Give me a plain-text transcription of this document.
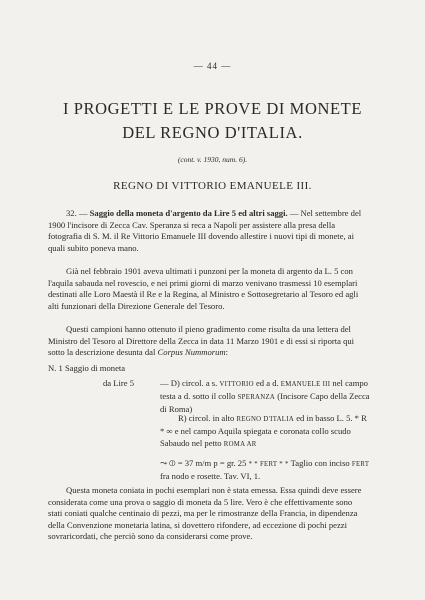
— 44 —
I PROGETTI E LE PROVE DI MONETE
DEL REGNO D'ITALIA.
(cont. v. 1930, num. 6).
REGNO DI VITTORIO EMANUELE III.

32. — Saggio della moneta d'argento da Lire 5 ed altri saggi. — Nel settembre del 1900 l'incisore di Zecca Cav. Speranza si reca a Napoli per assistere alla presa della fotografia di S. M. il Re Vittorio Emanuele III dovendo allestire i nuovi tipi di monete, ai quali subito poneva mano.

Già nel febbraio 1901 aveva ultimati i punzoni per la moneta di argento da L. 5 con l'aquila sabauda nel rovescio, e nei primi giorni di marzo venivano trasmessi 10 esemplari destinati alle Loro Maestà il Re e la Regina, al Ministro e Sottosegretario al Tesoro ed agli alti funzionari della Direzione Generale del Tesoro.

Questi campioni hanno ottenuto il pieno gradimento come risulta da una lettera del Ministro del Tesoro al Direttore della Zecca in data 11 Marzo 1901 e di essi si riporta qui sotto la descrizione desunta dal Corpus Nummorum:

N. 1 Saggio di moneta
da Lire 5	— D) circol. a s. VITTORIO ed a d. EMANUELE III nel campo testa a d. sotto il collo SPERANZA (Incisore Capo della Zecca di Roma)

R) circol. in alto REGNO D'ITALIA ed in basso L. 5. * R * ∞ e nel campo Aquila spiegata e coronata collo scudo Sabaudo nel petto ROMA AR

⤳ ⦶ = 37 m/m p = gr. 25 * * FERT * * Taglio con inciso FERT fra nodo e rosette. Tav. VI, 1.

Questa moneta coniata in pochi esemplari non è stata emessa. Essa quindi deve essere considerata come una prova o saggio di moneta da 5 lire. Vero è che effettivamente sono stati coniati qualche centinaio di pezzi, ma per le rimostranze della Francia, in dipendenza della Convenzione monetaria latina, si dovettero rifondere, ad eccezione di pochi pezzi sovraricordati, che perciò sono da considerarsi come prove.
